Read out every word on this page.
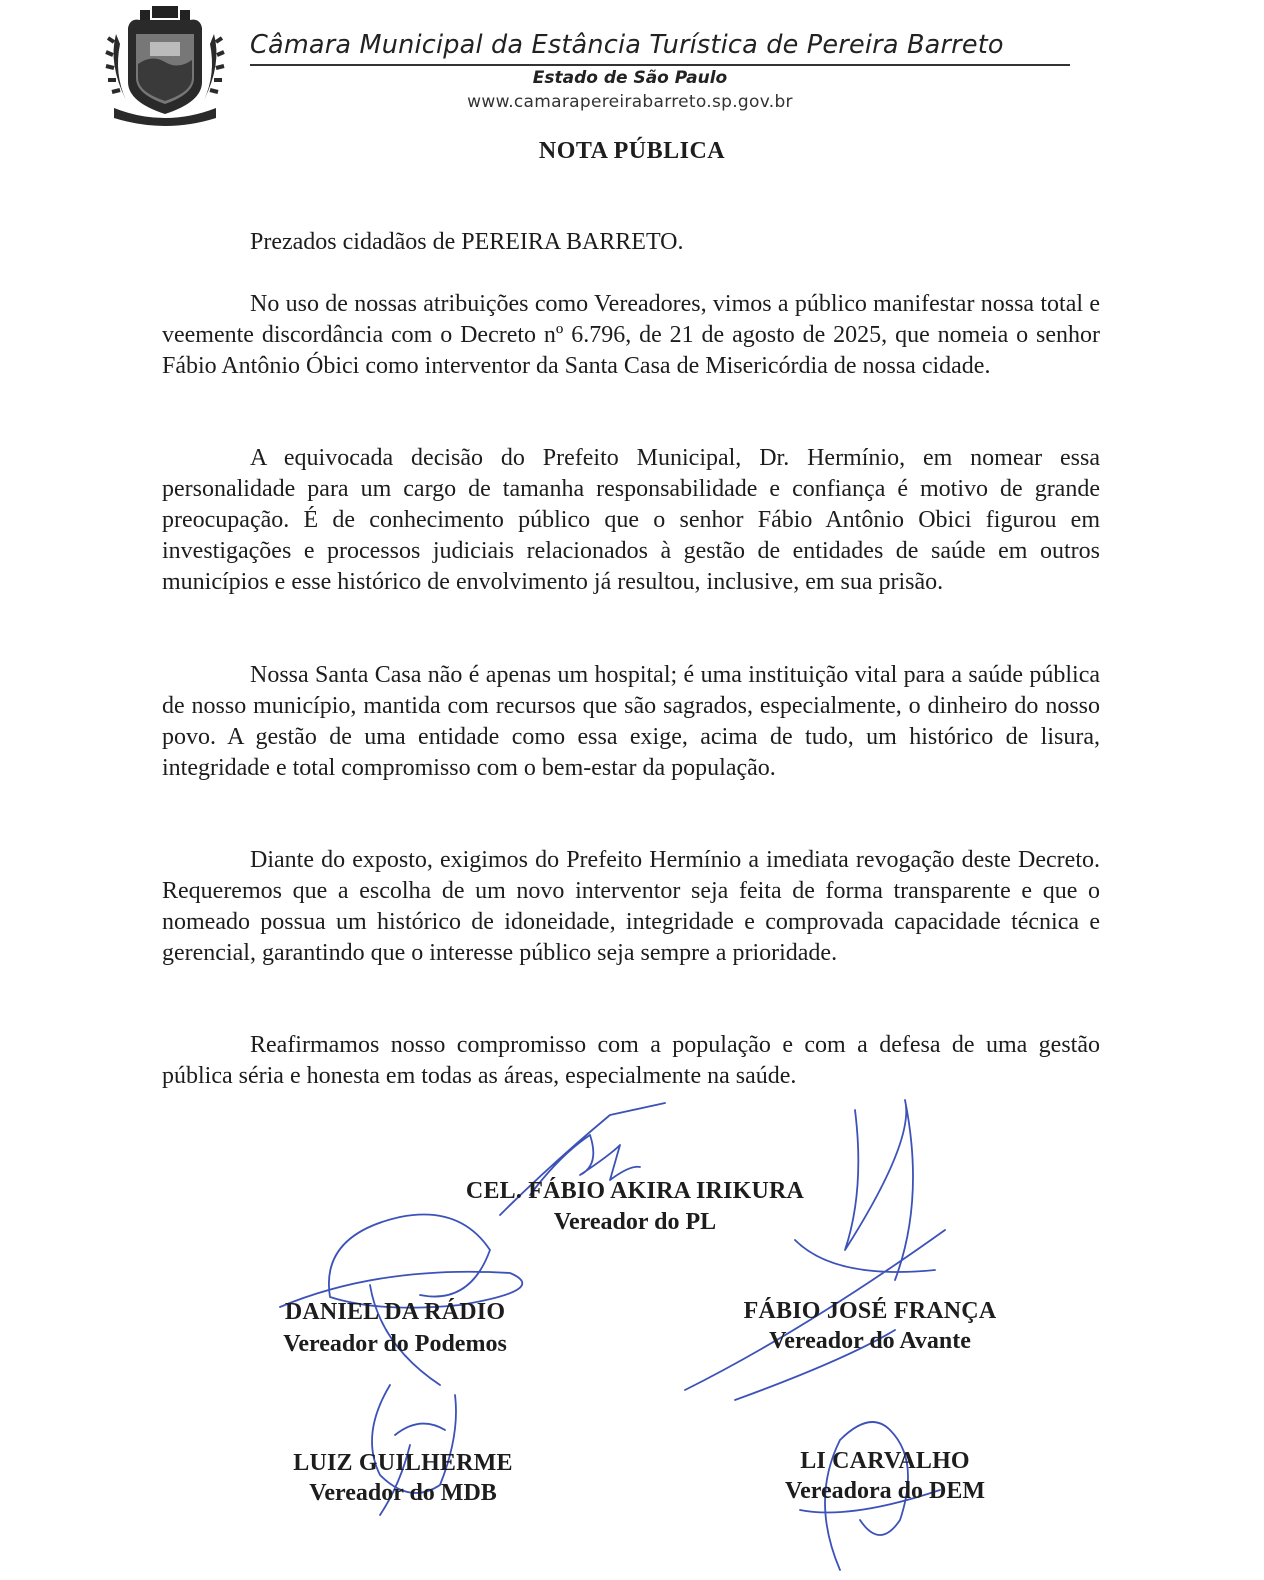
Câmara Municipal da Estância Turística de Pereira Barreto
Estado de São Paulo
www.camarapereirabarreto.sp.gov.br
NOTA PÚBLICA
Prezados cidadãos de PEREIRA BARRETO.

No uso de nossas atribuições como Vereadores, vimos a público manifestar nossa total e veemente discordância com o Decreto nº 6.796, de 21 de agosto de 2025, que nomeia o senhor Fábio Antônio Óbici como interventor da Santa Casa de Misericórdia de nossa cidade.

A equivocada decisão do Prefeito Municipal, Dr. Hermínio, em nomear essa personalidade para um cargo de tamanha responsabilidade e confiança é motivo de grande preocupação. É de conhecimento público que o senhor Fábio Antônio Obici figurou em investigações e processos judiciais relacionados à gestão de entidades de saúde em outros municípios e esse histórico de envolvimento já resultou, inclusive, em sua prisão.

Nossa Santa Casa não é apenas um hospital; é uma instituição vital para a saúde pública de nosso município, mantida com recursos que são sagrados, especialmente, o dinheiro do nosso povo. A gestão de uma entidade como essa exige, acima de tudo, um histórico de lisura, integridade e total compromisso com o bem-estar da população.

Diante do exposto, exigimos do Prefeito Hermínio a imediata revogação deste Decreto. Requeremos que a escolha de um novo interventor seja feita de forma transparente e que o nomeado possua um histórico de idoneidade, integridade e comprovada capacidade técnica e gerencial, garantindo que o interesse público seja sempre a prioridade.

Reafirmamos nosso compromisso com a população e com a defesa de uma gestão pública séria e honesta em todas as áreas, especialmente na saúde.

CEL. FÁBIO AKIRA IRIKURA
Vereador do PL
DANIEL DA RÁDIO
Vereador do Podemos
FÁBIO JOSÉ FRANÇA
Vereador do Avante
LUIZ GUILHERME
Vereador do MDB
LI CARVALHO
Vereadora do DEM
